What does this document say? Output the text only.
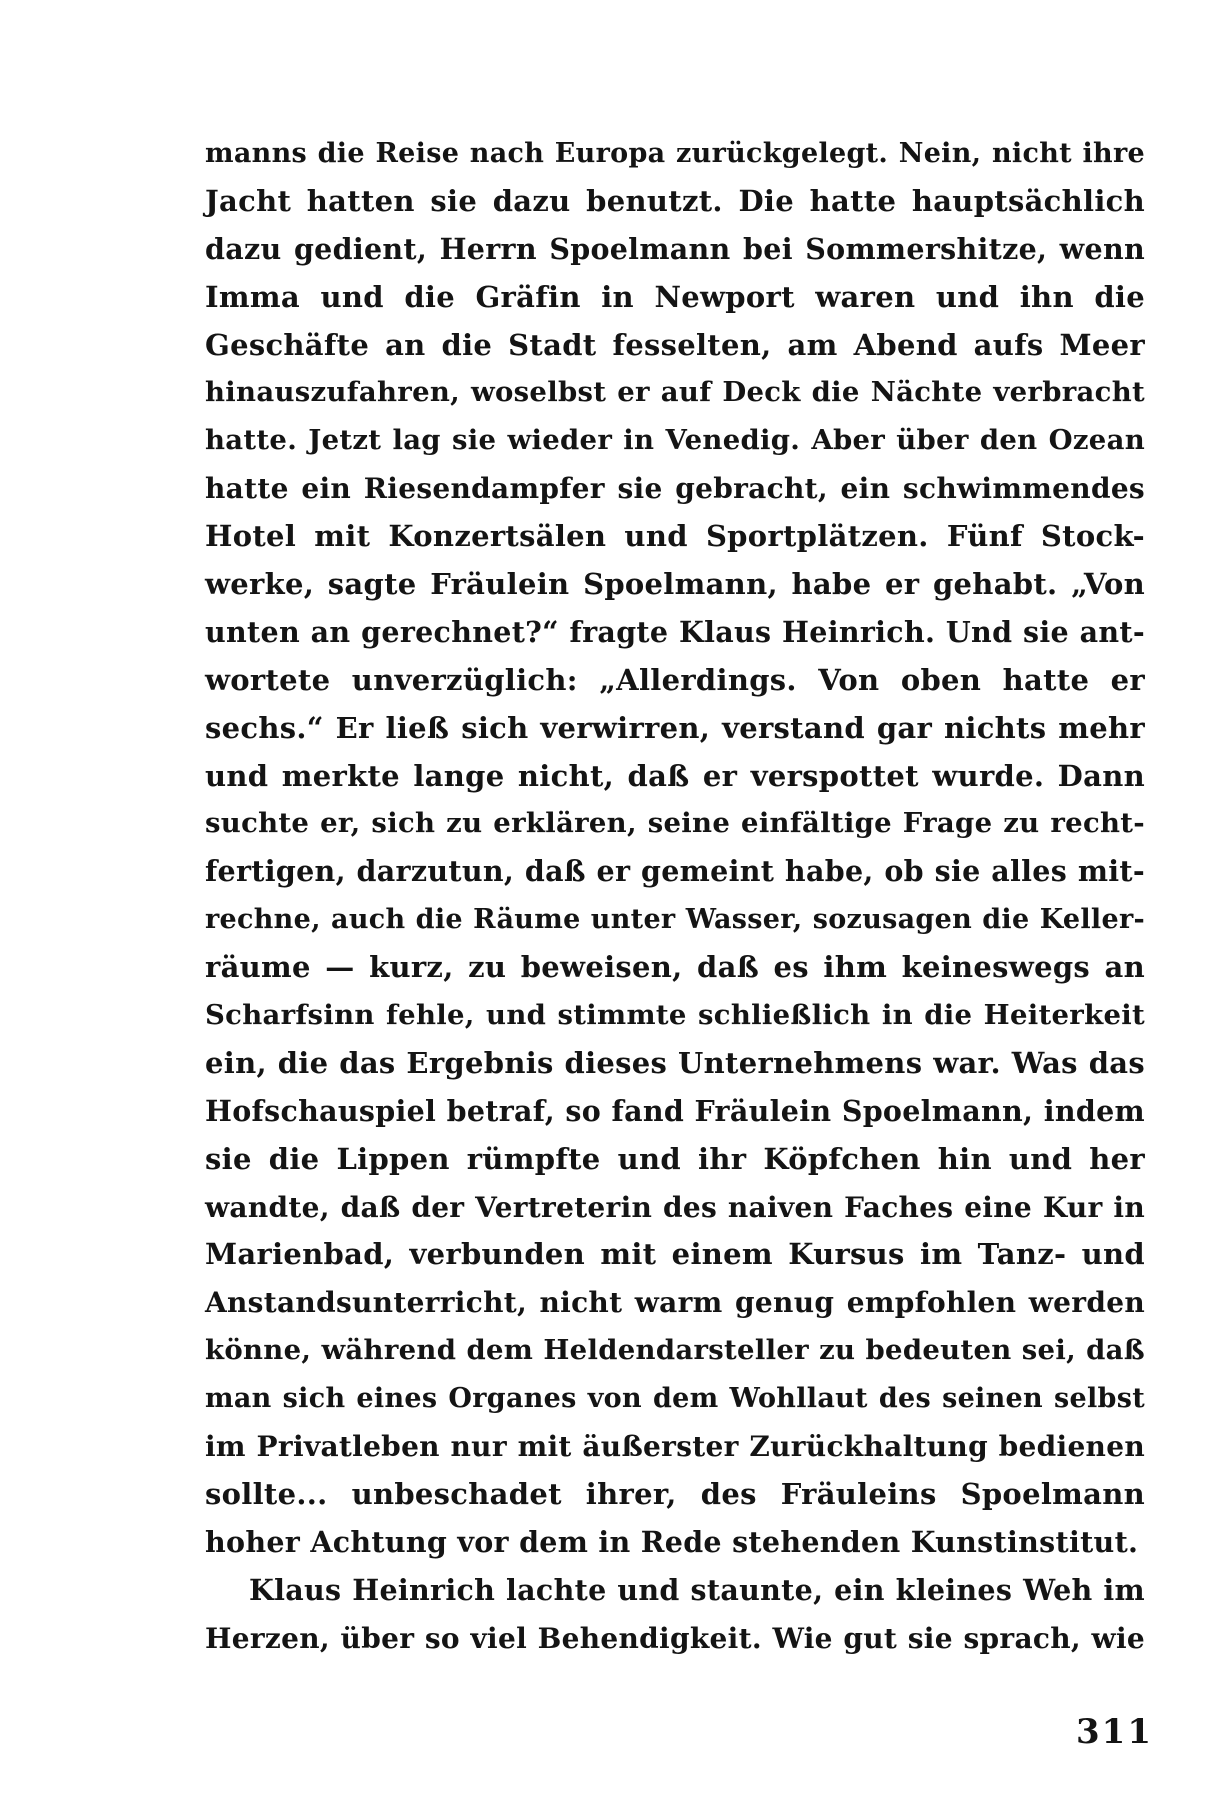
manns die Reise nach Europa zurückgelegt. Nein, nicht ihre
Jacht hatten sie dazu benutzt. Die hatte hauptsächlich
dazu gedient, Herrn Spoelmann bei Sommershitze, wenn
Imma und die Gräfin in Newport waren und ihn die
Geschäfte an die Stadt fesselten, am Abend aufs Meer
hinauszufahren, woselbst er auf Deck die Nächte verbracht
hatte. Jetzt lag sie wieder in Venedig. Aber über den Ozean
hatte ein Riesendampfer sie gebracht, ein schwimmendes
Hotel mit Konzertsälen und Sportplätzen. Fünf Stock-
werke, sagte Fräulein Spoelmann, habe er gehabt. „Von
unten an gerechnet?“ fragte Klaus Heinrich. Und sie ant-
wortete unverzüglich: „Allerdings. Von oben hatte er
sechs.“ Er ließ sich verwirren, verstand gar nichts mehr
und merkte lange nicht, daß er verspottet wurde. Dann
suchte er, sich zu erklären, seine einfältige Frage zu recht-
fertigen, darzutun, daß er gemeint habe, ob sie alles mit-
rechne, auch die Räume unter Wasser, sozusagen die Keller-
räume — kurz, zu beweisen, daß es ihm keineswegs an
Scharfsinn fehle, und stimmte schließlich in die Heiterkeit
ein, die das Ergebnis dieses Unternehmens war. Was das
Hofschauspiel betraf, so fand Fräulein Spoelmann, indem
sie die Lippen rümpfte und ihr Köpfchen hin und her
wandte, daß der Vertreterin des naiven Faches eine Kur in
Marienbad, verbunden mit einem Kursus im Tanz- und
Anstandsunterricht, nicht warm genug empfohlen werden
könne, während dem Heldendarsteller zu bedeuten sei, daß
man sich eines Organes von dem Wohllaut des seinen selbst
im Privatleben nur mit äußerster Zurückhaltung bedienen
sollte... unbeschadet ihrer, des Fräuleins Spoelmann
hoher Achtung vor dem in Rede stehenden Kunstinstitut.
Klaus Heinrich lachte und staunte, ein kleines Weh im
Herzen, über so viel Behendigkeit. Wie gut sie sprach, wie
311
